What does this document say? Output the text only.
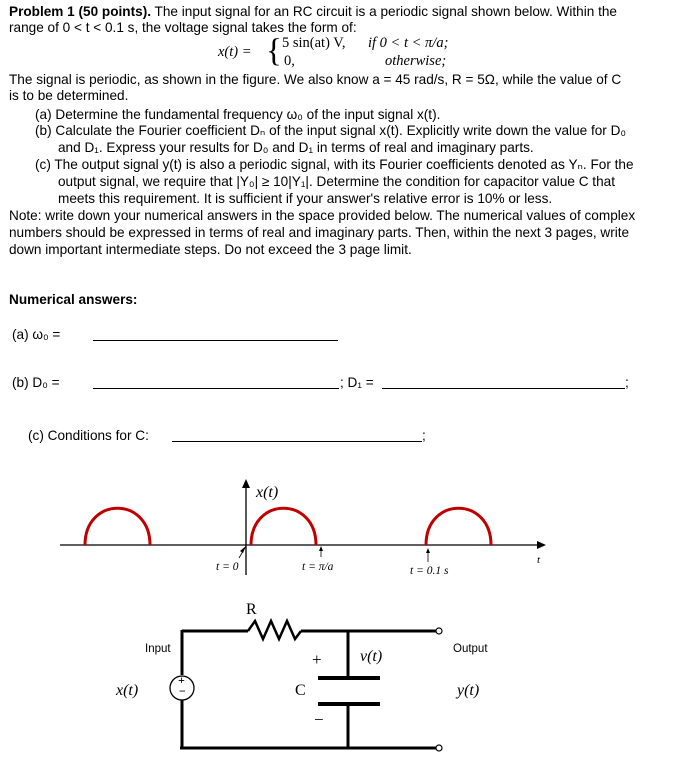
Problem 1 (50 points). The input signal for an RC circuit is a periodic signal shown below. Within the
range of 0 < t < 0.1 s, the voltage signal takes the form of:
x(t) = { 5 sin(at) V, if 0 < t < π/a;
0,	otherwise;
The signal is periodic, as shown in the figure. We also know a = 45 rad/s, R = 5Ω, while the value of C
is to be determined.
(a) Determine the fundamental frequency ω₀ of the input signal x(t).
(b) Calculate the Fourier coefficient Dₙ of the input signal x(t). Explicitly write down the value for D₀
and D₁. Express your results for D₀ and D₁ in terms of real and imaginary parts.
(c) The output signal y(t) is also a periodic signal, with its Fourier coefficients denoted as Yₙ. For the
output signal, we require that |Y₀| ≥ 10|Y₁|. Determine the condition for capacitor value C that
meets this requirement. It is sufficient if your answer's relative error is 10% or less.
Note: write down your numerical answers in the space provided below. The numerical values of complex
numbers should be expressed in terms of real and imaginary parts. Then, within the next 3 pages, write
down important intermediate steps. Do not exceed the 3 page limit.
Numerical answers:
(a) ω₀ =
(b) D₀ =	; D₁ =	;
(c) Conditions for C:	;
x(t)
t
t = 0	t = π/a	t = 0.1 s
R
C
+
−
v(t)
Input	Output
x(t)	y(t)
+
−
